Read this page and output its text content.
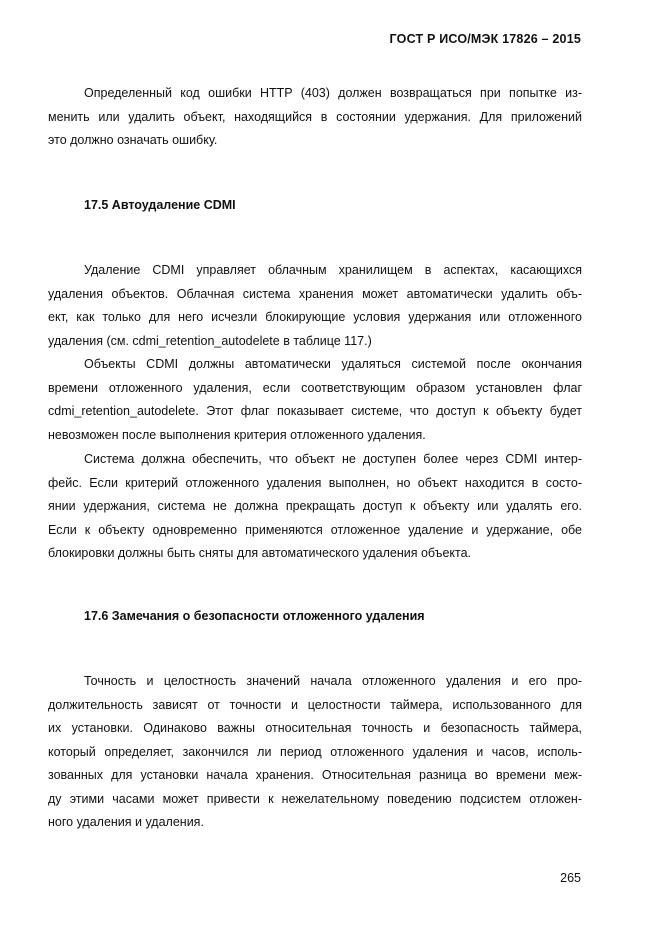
ГОСТ Р ИСО/МЭК 17826 – 2015
Определенный код ошибки HTTP (403) должен возвращаться при попытке из-
менить или удалить объект, находящийся в состоянии удержания. Для приложений
это должно означать ошибку.
17.5 Автоудаление CDMI
Удаление CDMI управляет облачным хранилищем в аспектах, касающихся
удаления объектов. Облачная система хранения может автоматически удалить объ-
ект, как только для него исчезли блокирующие условия удержания или отложенного
удаления (см. cdmi_retention_autodelete в таблице 117.)
Объекты CDMI должны автоматически удаляться системой после окончания
времени отложенного удаления, если соответствующим образом установлен флаг
cdmi_retention_autodelete. Этот флаг показывает системе, что доступ к объекту будет
невозможен после выполнения критерия отложенного удаления.
Система должна обеспечить, что объект не доступен более через CDMI интер-
фейс. Если критерий отложенного удаления выполнен, но объект находится в состо-
янии удержания, система не должна прекращать доступ к объекту или удалять его.
Если к объекту одновременно применяются отложенное удаление и удержание, обе
блокировки должны быть сняты для автоматического удаления объекта.
17.6 Замечания о безопасности отложенного удаления
Точность и целостность значений начала отложенного удаления и его про-
должительность зависят от точности и целостности таймера, использованного для
их установки. Одинаково важны относительная точность и безопасность таймера,
который определяет, закончился ли период отложенного удаления и часов, исполь-
зованных для установки начала хранения. Относительная разница во времени меж-
ду этими часами может привести к нежелательному поведению подсистем отложен-
ного удаления и удаления.
265
